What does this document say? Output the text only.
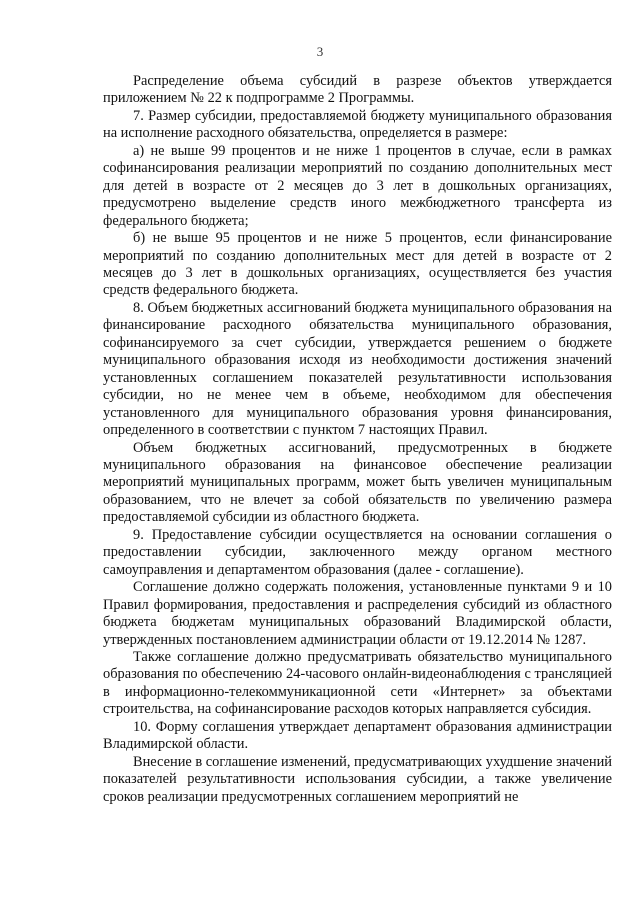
3

Распределение объема субсидий в разрезе объектов утверждается приложением № 22 к подпрограмме 2 Программы.

7. Размер субсидии, предоставляемой бюджету муниципального образования на исполнение расходного обязательства, определяется в размере:

а) не выше 99 процентов и не ниже 1 процентов в случае, если в рамках софинансирования реализации мероприятий по созданию дополнительных мест для детей в возрасте от 2 месяцев до 3 лет в дошкольных организациях, предусмотрено выделение средств иного межбюджетного трансферта из федерального бюджета;

б) не выше 95 процентов и не ниже 5 процентов, если финансирование мероприятий по созданию дополнительных мест для детей в возрасте от 2 месяцев до 3 лет в дошкольных организациях, осуществляется без участия средств федерального бюджета.

8. Объем бюджетных ассигнований бюджета муниципального образования на финансирование расходного обязательства муниципального образования, софинансируемого за счет субсидии, утверждается решением о бюджете муниципального образования исходя из необходимости достижения значений установленных соглашением показателей результативности использования субсидии, но не менее чем в объеме, необходимом для обеспечения установленного для муниципального образования уровня финансирования, определенного в соответствии с пунктом 7 настоящих Правил.

Объем бюджетных ассигнований, предусмотренных в бюджете муниципального образования на финансовое обеспечение реализации мероприятий муниципальных программ, может быть увеличен муниципальным образованием, что не влечет за собой обязательств по увеличению размера предоставляемой субсидии из областного бюджета.

9. Предоставление субсидии осуществляется на основании соглашения о предоставлении субсидии, заключенного между органом местного самоуправления и департаментом образования (далее - соглашение).

Соглашение должно содержать положения, установленные пунктами 9 и 10 Правил формирования, предоставления и распределения субсидий из областного бюджета бюджетам муниципальных образований Владимирской области, утвержденных постановлением администрации области от 19.12.2014 № 1287.

Также соглашение должно предусматривать обязательство муниципального образования по обеспечению 24-часового онлайн-видеонаблюдения с трансляцией в информационно-телекоммуникационной сети «Интернет» за объектами строительства, на софинансирование расходов которых направляется субсидия.

10. Форму соглашения утверждает департамент образования администрации Владимирской области.

Внесение в соглашение изменений, предусматривающих ухудшение значений показателей результативности использования субсидии, а также увеличение сроков реализации предусмотренных соглашением мероприятий не
